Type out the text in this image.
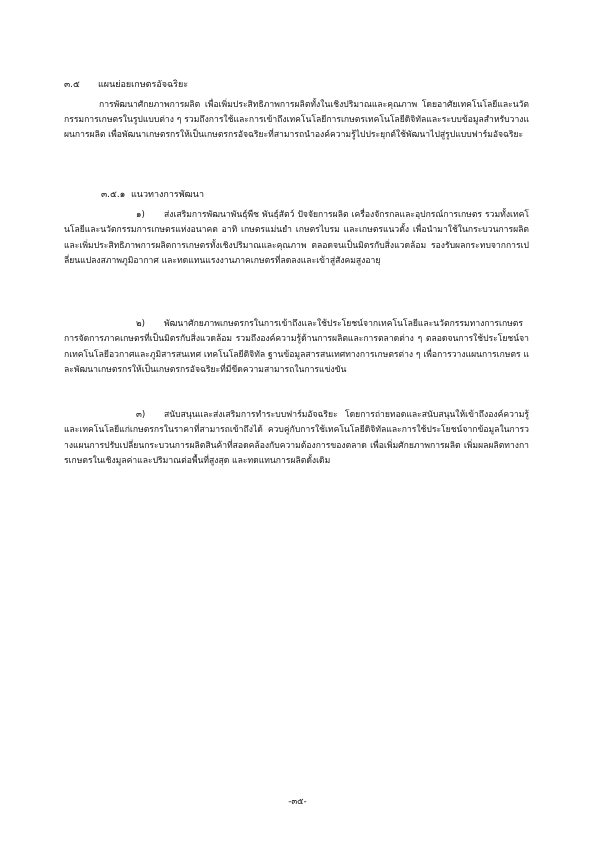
๓.๕ แผนย่อยเกษตรอัจฉริยะ

การพัฒนาศักยภาพการผลิต เพื่อเพิ่มประสิทธิภาพการผลิตทั้งในเชิงปริมาณและคุณภาพ โดยอาศัยเทคโนโลยีและนวัตกรรมการเกษตรในรูปแบบต่าง ๆ รวมถึงการใช้และการเข้าถึงเทคโนโลยีการเกษตรเทคโนโลยีดิจิทัลและระบบข้อมูลสำหรับวางแผนการผลิต เพื่อพัฒนาเกษตรกรให้เป็นเกษตรกรอัจฉริยะที่สามารถนำองค์ความรู้ไปประยุกต์ใช้พัฒนาไปสู่รูปแบบฟาร์มอัจฉริยะ

๓.๕.๑ แนวทางการพัฒนา

๑) ส่งเสริมการพัฒนาพันธุ์พืช พันธุ์สัตว์ ปัจจัยการผลิต เครื่องจักรกลและอุปกรณ์การเกษตร รวมทั้งเทคโนโลยีและนวัตกรรมการเกษตรแห่งอนาคต อาทิ เกษตรแม่นยำ เกษตรไบรม และเกษตรแนวตั้ง เพื่อนำมาใช้ในกระบวนการผลิต และเพิ่มประสิทธิภาพการผลิตการเกษตรทั้งเชิงปริมาณและคุณภาพ ตลอดจนเป็นมิตรกับสิ่งแวดล้อม รองรับผลกระทบจากการเปลี่ยนแปลงสภาพภูมิอากาศ และทดแทนแรงงานภาคเกษตรที่ลดลงและเข้าสู่สังคมสูงอายุ

๒) พัฒนาศักยภาพเกษตรกรในการเข้าถึงและใช้ประโยชน์จากเทคโนโลยีและนวัตกรรมทางการเกษตร การจัดการภาคเกษตรที่เป็นมิตรกับสิ่งแวดล้อม รวมถึงองค์ความรู้ด้านการผลิตและการตลาดต่าง ๆ ตลอดจนการใช้ประโยชน์จากเทคโนโลยีอวกาศและภูมิสารสนเทศ เทคโนโลยีดิจิทัล ฐานข้อมูลสารสนเทศทางการเกษตรต่าง ๆ เพื่อการวางแผนการเกษตร และพัฒนาเกษตรกรให้เป็นเกษตรกรอัจฉริยะที่มีขีดความสามารถในการแข่งขัน

๓) สนับสนุนและส่งเสริมการทำระบบฟาร์มอัจฉริยะ โดยการถ่ายทอดและสนับสนุนให้เข้าถึงองค์ความรู้และเทคโนโลยีแก่เกษตรกรในราคาที่สามารถเข้าถึงได้ ควบคู่กับการใช้เทคโนโลยีดิจิทัลและการใช้ประโยชน์จากข้อมูลในการวางแผนการปรับเปลี่ยนกระบวนการผลิตสินค้าที่สอดคล้องกับความต้องการของตลาด เพื่อเพิ่มศักยภาพการผลิต เพิ่มผลผลิตทางการเกษตรในเชิงมูลค่าและปริมาณต่อพื้นที่สูงสุด และทดแทนการผลิตดั้งเดิม

-๓๕-
